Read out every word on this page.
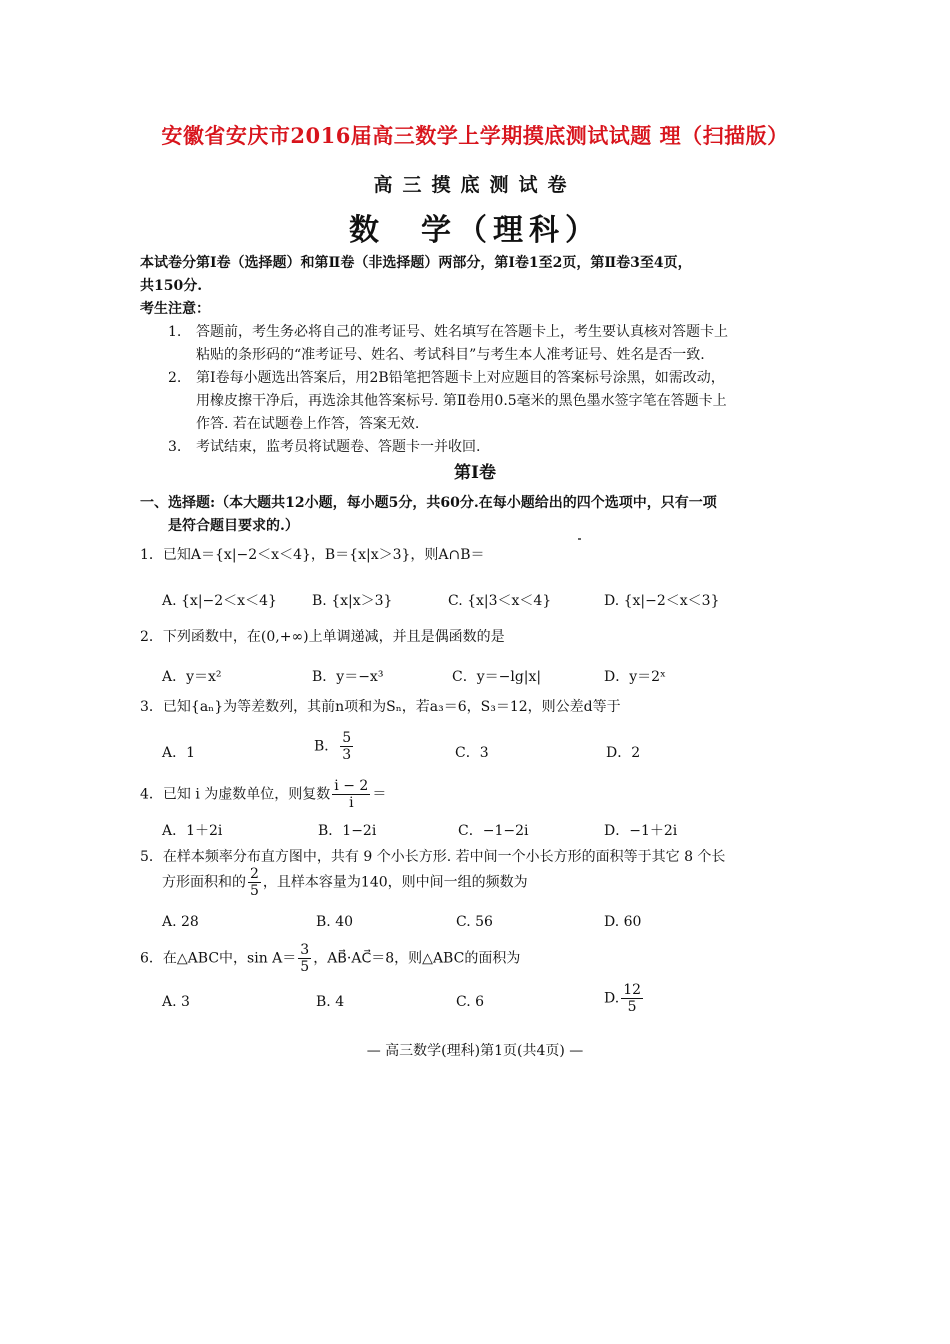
安徽省安庆市2016届高三数学上学期摸底测试试题 理（扫描版）
高三摸底测试卷
数　学（理科）
本试卷分第Ⅰ卷（选择题）和第Ⅱ卷（非选择题）两部分，第Ⅰ卷1至2页，第Ⅱ卷3至4页，
共150分.
考生注意：
1. 答题前，考生务必将自己的准考证号、姓名填写在答题卡上，考生要认真核对答题卡上
粘贴的条形码的“准考证号、姓名、考试科目”与考生本人准考证号、姓名是否一致.
2. 第Ⅰ卷每小题选出答案后，用2B铅笔把答题卡上对应题目的答案标号涂黑，如需改动，
用橡皮擦干净后，再选涂其他答案标号. 第Ⅱ卷用0.5毫米的黑色墨水签字笔在答题卡上
作答. 若在试题卷上作答，答案无效.
3. 考试结束，监考员将试题卷、答题卡一并收回.
第Ⅰ卷
一、选择题:（本大题共12小题，每小题5分，共60分.在每小题给出的四个选项中，只有一项
是符合题目要求的.）
1．已知A＝{x|−2＜x＜4}，B＝{x|x＞3}，则A∩B＝
A. {x|−2＜x＜4}	B. {x|x＞3}	C. {x|3＜x＜4}	D. {x|−2＜x＜3}
2．下列函数中，在(0,+∞)上单调递减，并且是偶函数的是
A．y＝x²	B．y＝−x³	C．y＝−lg|x|	D．y＝2ˣ
3．已知{aₙ}为等差数列，其前n项和为Sₙ，若a₃＝6，S₃＝12，则公差d等于
A．1	B． $\frac{5}{3}$	C．3	D．2
4．已知 i 为虚数单位，则复数 $\frac{i - 2}{i}$ ＝
A．1＋2i	B．1−2i	C．−1−2i	D．−1＋2i
5．在样本频率分布直方图中，共有 9 个小长方形. 若中间一个小长方形的面积等于其它 8 个长
方形面积和的 $\frac{2}{5}$ ，且样本容量为140，则中间一组的频数为
A. 28	B. 40	C. 56	D. 60
6．在△ABC中，$\sin A= \frac{3}{5}$ ，AB⃗·AC⃗＝8，则△ABC的面积为
A. 3	B. 4	C. 6	D. $\frac{12}{5}$
— 高三数学(理科)第1页(共4页) —
